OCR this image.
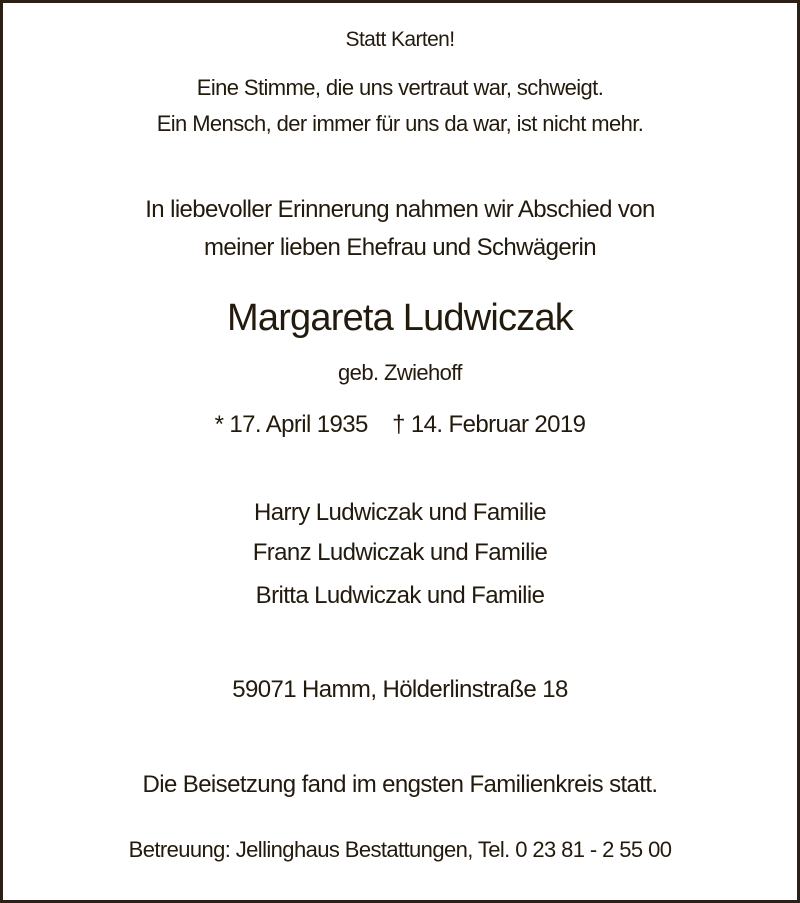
Statt Karten!
Eine Stimme, die uns vertraut war, schweigt.
Ein Mensch, der immer für uns da war, ist nicht mehr.
In liebevoller Erinnerung nahmen wir Abschied von
meiner lieben Ehefrau und Schwägerin
Margareta Ludwiczak
geb. Zwiehoff
* 17. April 1935 † 14. Februar 2019
Harry Ludwiczak und Familie
Franz Ludwiczak und Familie
Britta Ludwiczak und Familie
59071 Hamm, Hölderlinstraße 18
Die Beisetzung fand im engsten Familienkreis statt.
Betreuung: Jellinghaus Bestattungen, Tel. 0 23 81 - 2 55 00
